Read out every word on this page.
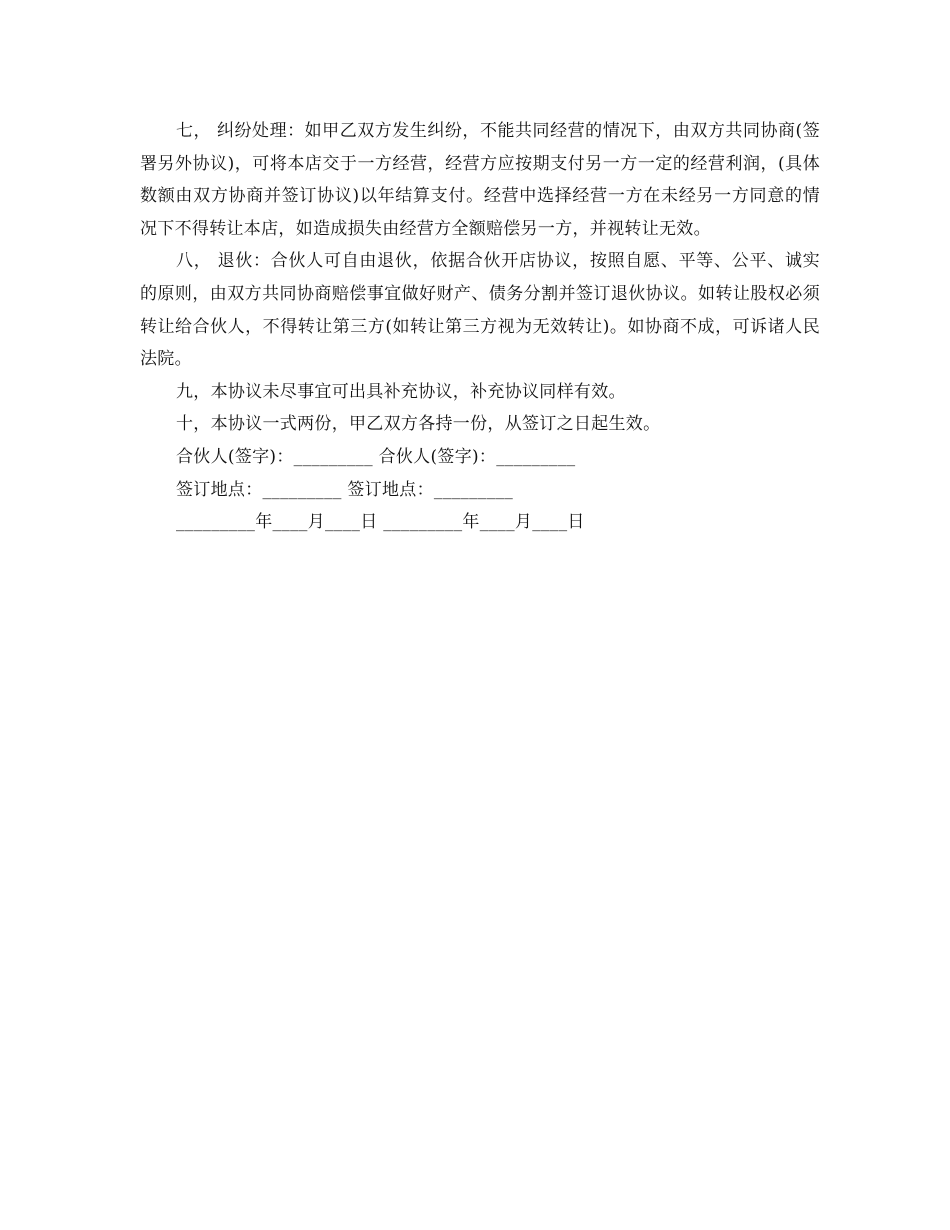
七， 纠纷处理：如甲乙双方发生纠纷，不能共同经营的情况下，由双方共同协商(签署另外协议)，可将本店交于一方经营，经营方应按期支付另一方一定的经营利润，(具体数额由双方协商并签订协议)以年结算支付。经营中选择经营一方在未经另一方同意的情况下不得转让本店，如造成损失由经营方全额赔偿另一方，并视转让无效。

八， 退伙：合伙人可自由退伙，依据合伙开店协议，按照自愿、平等、公平、诚实的原则，由双方共同协商赔偿事宜做好财产、债务分割并签订退伙协议。如转让股权必须转让给合伙人，不得转让第三方(如转让第三方视为无效转让)。如协商不成，可诉诸人民法院。

九，本协议未尽事宜可出具补充协议，补充协议同样有效。

十，本协议一式两份，甲乙双方各持一份，从签订之日起生效。

合伙人(签字)：_________ 合伙人(签字)：_________

签订地点：_________ 签订地点：_________

_________年____月____日 _________年____月____日
